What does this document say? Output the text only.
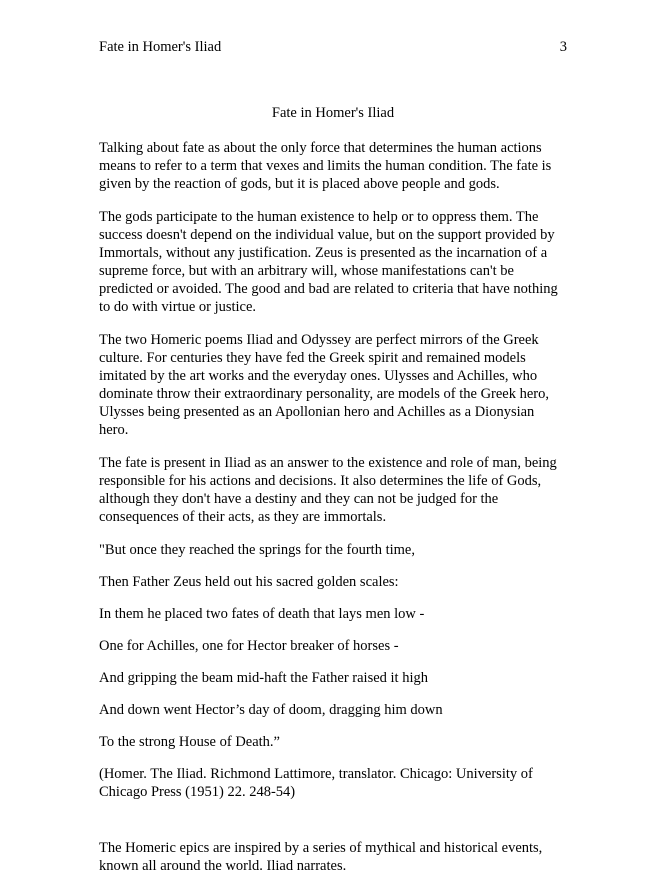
Fate in Homer's Iliad	3
Fate in Homer's Iliad

Talking about fate as about the only force that determines the human actions means to refer to a term that vexes and limits the human condition. The fate is given by the reaction of gods, but it is placed above people and gods.

The gods participate to the human existence to help or to oppress them. The success doesn't depend on the individual value, but on the support provided by Immortals, without any justification. Zeus is presented as the incarnation of a supreme force, but with an arbitrary will, whose manifestations can't be predicted or avoided. The good and bad are related to criteria that have nothing to do with virtue or justice.

The two Homeric poems Iliad and Odyssey are perfect mirrors of the Greek culture. For centuries they have fed the Greek spirit and remained models imitated by the art works and the everyday ones. Ulysses and Achilles, who dominate throw their extraordinary personality, are models of the Greek hero, Ulysses being presented as an Apollonian hero and Achilles as a Dionysian hero.

The fate is present in Iliad as an answer to the existence and role of man, being responsible for his actions and decisions. It also determines the life of Gods, although they don't have a destiny and they can not be judged for the consequences of their acts, as they are immortals.

"But once they reached the springs for the fourth time,

Then Father Zeus held out his sacred golden scales:

In them he placed two fates of death that lays men low -

One for Achilles, one for Hector breaker of horses -

And gripping the beam mid-haft the Father raised it high

And down went Hector’s day of doom, dragging him down

To the strong House of Death.”

(Homer. The Iliad. Richmond Lattimore, translator. Chicago: University of Chicago Press (1951) 22. 248-54)

The Homeric epics are inspired by a series of mythical and historical events, known all around the world. Iliad narrates.
